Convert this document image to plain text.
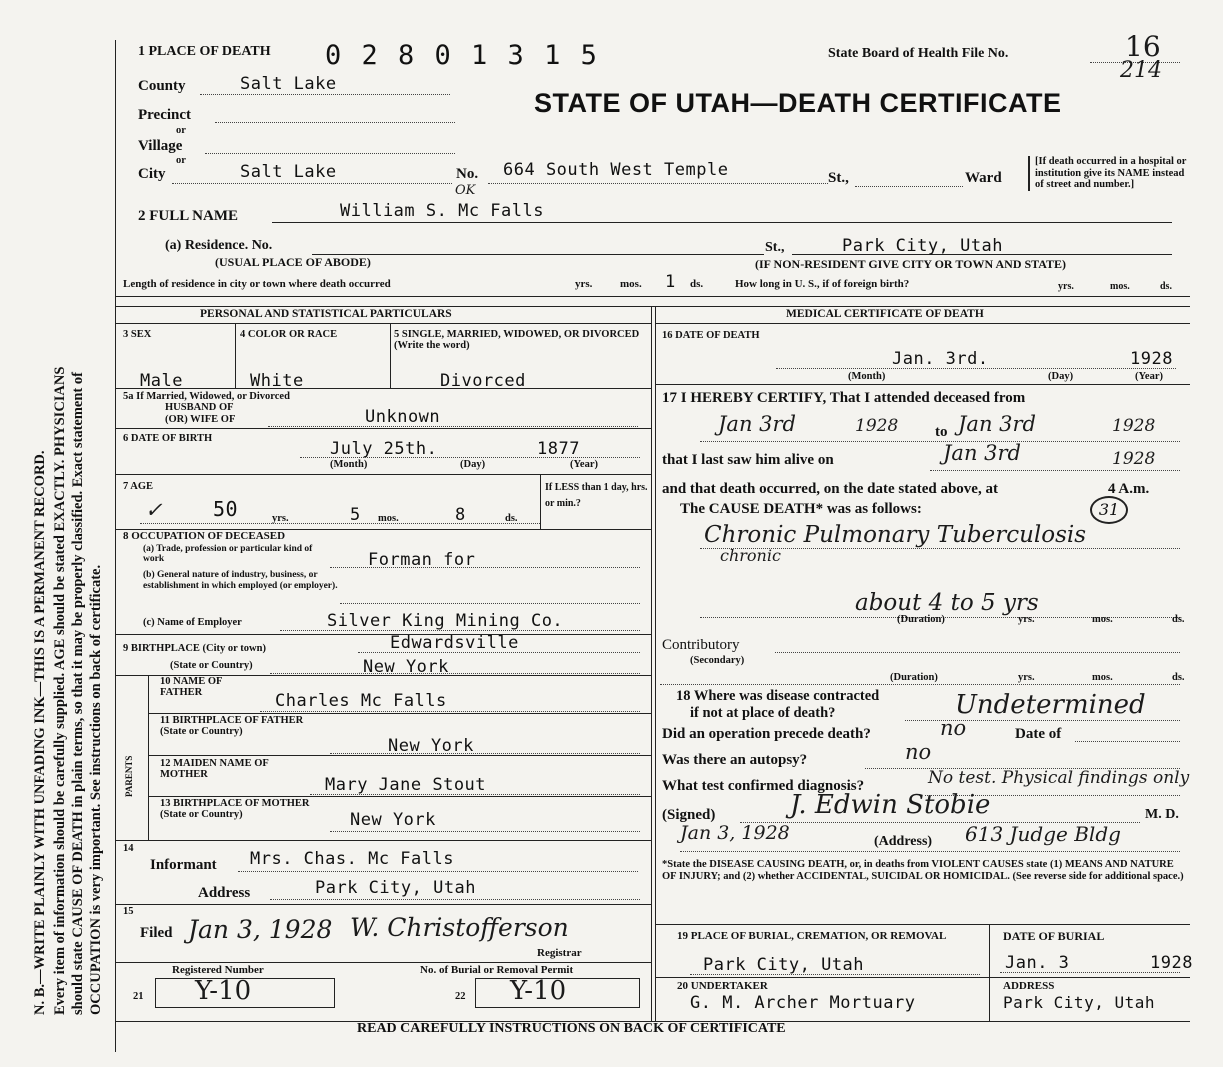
N. B.—WRITE PLAINLY WITH UNFADING INK—THIS IS A PERMANENT RECORD. Every item of information should be carefully supplied. AGE should be stated EXACTLY. PHYSICIANS should state CAUSE OF DEATH in plain terms, so that it may be properly classified. Exact statement of OCCUPATION is very important. See instructions on back of certificate.
1 PLACE OF DEATH 0 2 8 0 1 3 1 5	State Board of Health File No.	16
214
STATE OF UTAH—DEATH CERTIFICATE
County	Salt Lake
Precinct
or
Village
or
City	Salt Lake	No. 664 South West Temple	St.,	Ward
[If death occurred in a hospital or institution give its NAME instead of street and number.]
2 FULL NAME	William S. Mc Falls
OK
(a) Residence. No.	St.,	Park City, Utah
(USUAL PLACE OF ABODE)	(IF NON-RESIDENT GIVE CITY OR TOWN AND STATE)
Length of residence in city or town where death occurred	yrs.	mos. 1 ds.	How long in U. S., if of foreign birth?	yrs.	mos.	ds.
PERSONAL AND STATISTICAL PARTICULARS
3 SEX
Male
4 COLOR OR RACE
White
5 SINGLE, MARRIED, WIDOWED, OR DIVORCED (Write the word)
Divorced
5a If Married, Widowed, or Divorced
HUSBAND OF
(OR) WIFE OF	Unknown
6 DATE OF BIRTH
July 25th.	1877
(Month)	(Day)	(Year)
7 AGE
✓	50	yrs.	5 mos.	8	ds.
If LESS than 1 day, hrs. or min.?
8 OCCUPATION OF DECEASED
(a) Trade, profession or particular kind of work	Forman for
(b) General nature of industry, business, or establishment in which employed (or employer).
(c) Name of Employer	Silver King Mining Co.
9 BIRTHPLACE (City or town)	Edwardsville
(State or Country)	New York
PARENTS
10 NAME OF FATHER	Charles Mc Falls
11 BIRTHPLACE OF FATHER (State or Country)
New York
12 MAIDEN NAME OF MOTHER
Mary Jane Stout
13 BIRTHPLACE OF MOTHER (State or Country)	New York
14
Informant Mrs. Chas. Mc Falls
Address	Park City, Utah
15
Filed Jan 3, 1928 W. Christofferson
Registrar
Registered Number	No. of Burial or Removal Permit
21 Y-10	22 Y-10
MEDICAL CERTIFICATE OF DEATH
16 DATE OF DEATH
Jan. 3rd.	1928
(Month)	(Day)	(Year)
17 I HEREBY CERTIFY, That I attended deceased from
Jan 3rd	1928 to Jan 3rd	1928
that I last saw him alive on	Jan 3rd	1928
and that death occurred, on the date stated above, at	4 A.m.
The CAUSE DEATH* was as follows:	31
Chronic Pulmonary Tuberculosis
chronic
about 4 to 5 yrs
(Duration)	yrs.	mos.	ds.
Contributory
(Secondary)
(Duration)	yrs.	mos.	ds.
18 Where was disease contracted
if not at place of death?	Undetermined
Did an operation precede death?	no	Date of
Was there an autopsy?	no
What test confirmed diagnosis?	No test. Physical findings only
(Signed)	J. Edwin Stobie	M. D.
Jan 3, 1928	(Address) 613 Judge Bldg
*State the DISEASE CAUSING DEATH, or, in deaths from VIOLENT CAUSES state (1) MEANS AND NATURE OF INJURY; and (2) whether ACCIDENTAL, SUICIDAL OR HOMICIDAL. (See reverse side for additional space.)
19 PLACE OF BURIAL, CREMATION, OR REMOVAL
Park City, Utah
DATE OF BURIAL
Jan. 3	1928
20 UNDERTAKER
G. M. Archer Mortuary
ADDRESS
Park City, Utah
READ CAREFULLY INSTRUCTIONS ON BACK OF CERTIFICATE
